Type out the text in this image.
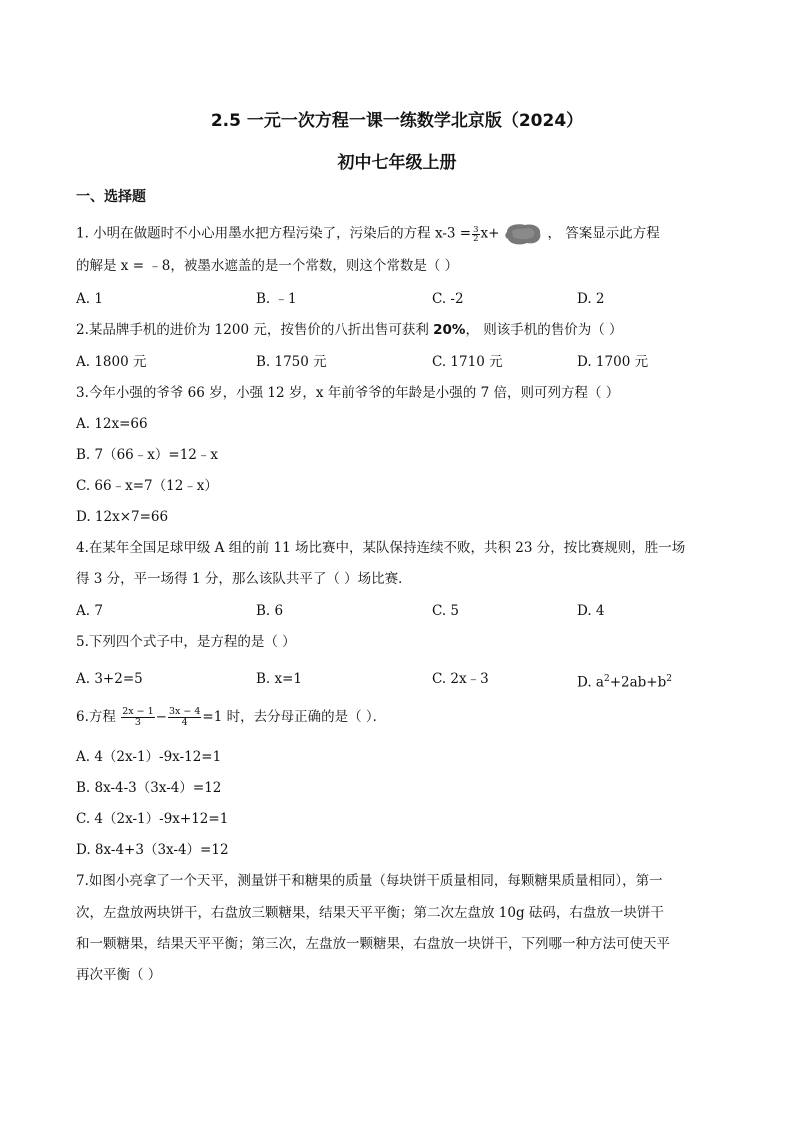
2.5 一元一次方程一课一练数学北京版（2024）
初中七年级上册
一、选择题
1. 小明在做题时不小心用墨水把方程污染了，污染后的方程 $x-3 = \frac{3}{2} x+$	， 答案显示此方程
的解是 x = ﹣8，被墨水遮盖的是一个常数，则这个常数是（ ）
A. 1	B. ﹣1	C. -2	D. 2
2.某品牌手机的进价为 1200 元，按售价的八折出售可获利 20%， 则该手机的售价为（ ）
A. 1800 元	B. 1750 元	C. 1710 元	D. 1700 元
3.今年小强的爷爷 66 岁，小强 12 岁，x 年前爷爷的年龄是小强的 7 倍，则可列方程（ ）
A. 12x=66
B. 7（66﹣x）=12﹣x
C. 66﹣x=7（12﹣x）
D. 12x×7=66
4.在某年全国足球甲级 A 组的前 11 场比赛中，某队保持连续不败，共积 23 分，按比赛规则，胜一场
得 3 分，平一场得 1 分，那么该队共平了（ ）场比赛．
A. 7	B. 6	C. 5	D. 4
5.下列四个式子中，是方程的是（ ）
A. 3+2=5	B. x=1	C. 2x﹣3	D. $a^2+2ab+b^2$
6.方程 $\frac{2x - 1}{3} - \frac{3x - 4}{4} =1$ 时，去分母正确的是（ ）．
A. 4（2x-1）-9x-12=1
B. 8x-4-3（3x-4）=12
C. 4（2x-1）-9x+12=1
D. 8x-4+3（3x-4）=12
7.如图小亮拿了一个天平，测量饼干和糖果的质量（每块饼干质量相同，每颗糖果质量相同），第一
次，左盘放两块饼干，右盘放三颗糖果，结果天平平衡；第二次左盘放 10g 砝码，右盘放一块饼干
和一颗糖果，结果天平平衡；第三次，左盘放一颗糖果，右盘放一块饼干，下列哪一种方法可使天平
再次平衡（ ）
